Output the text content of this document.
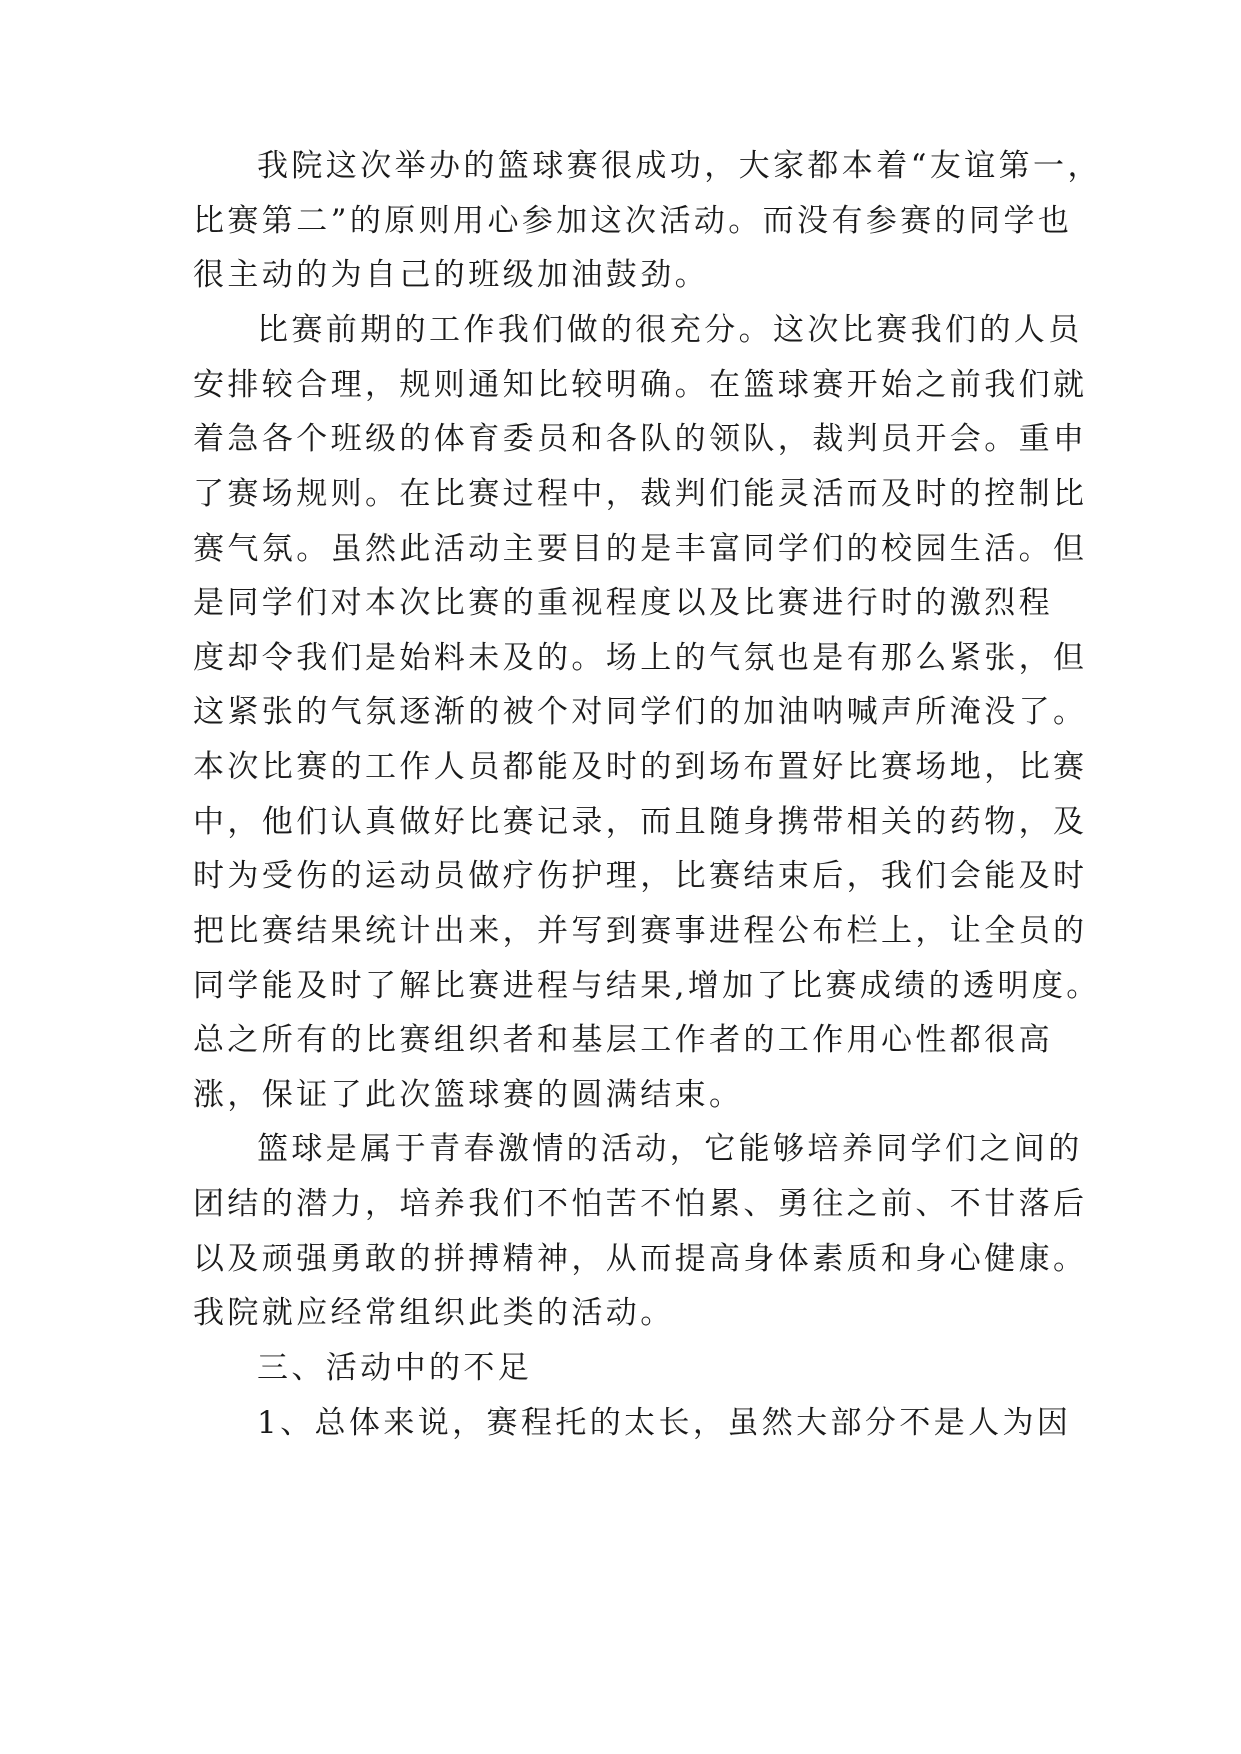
我院这次举办的篮球赛很成功，大家都本着“友谊第一，
比赛第二”的原则用心参加这次活动。而没有参赛的同学也
很主动的为自己的班级加油鼓劲。
比赛前期的工作我们做的很充分。这次比赛我们的人员
安排较合理，规则通知比较明确。在篮球赛开始之前我们就
着急各个班级的体育委员和各队的领队，裁判员开会。重申
了赛场规则。在比赛过程中，裁判们能灵活而及时的控制比
赛气氛。虽然此活动主要目的是丰富同学们的校园生活。但
是同学们对本次比赛的重视程度以及比赛进行时的激烈程
度却令我们是始料未及的。场上的气氛也是有那么紧张，但
这紧张的气氛逐渐的被个对同学们的加油呐喊声所淹没了。
本次比赛的工作人员都能及时的到场布置好比赛场地，比赛
中，他们认真做好比赛记录，而且随身携带相关的药物，及
时为受伤的运动员做疗伤护理，比赛结束后，我们会能及时
把比赛结果统计出来，并写到赛事进程公布栏上，让全员的
同学能及时了解比赛进程与结果,增加了比赛成绩的透明度。
总之所有的比赛组织者和基层工作者的工作用心性都很高
涨，保证了此次篮球赛的圆满结束。
篮球是属于青春激情的活动，它能够培养同学们之间的
团结的潜力，培养我们不怕苦不怕累、勇往之前、不甘落后
以及顽强勇敢的拼搏精神，从而提高身体素质和身心健康。
我院就应经常组织此类的活动。
三、活动中的不足
1、总体来说，赛程托的太长，虽然大部分不是人为因
